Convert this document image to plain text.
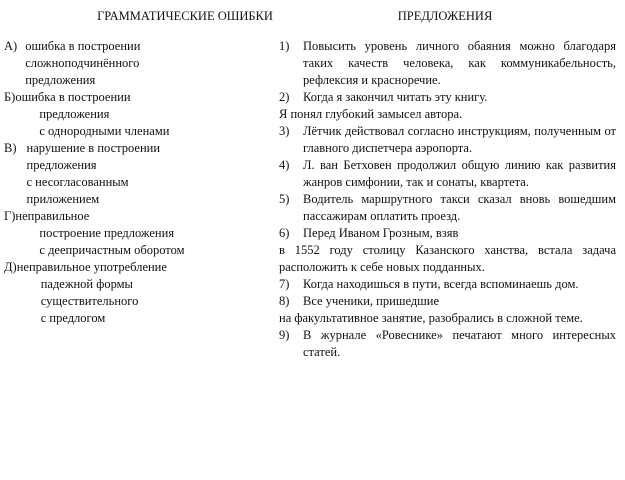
ГРАММАТИЧЕСКИЕ ОШИБКИ	ПРЕДЛОЖЕНИЯ
А) ошибка в построении
сложноподчинённого
предложения
Б) ошибка в построении
предложения
с однородными членами
В) нарушение в построении
предложения
с несогласованным
приложением
Г) неправильное
построение предложения
с деепричастным оборотом
Д) неправильное употребление
падежной формы
существительного
с предлогом
1)	Повысить уровень личного обаяния можно благодаря таких качеств человека, как коммуникабельность, рефлексия и красноречие.
2)	Когда я закончил читать эту книгу.
Я понял глубокий замысел автора.
3)	Лётчик действовал согласно инструкциям, полученным от главного диспетчера аэропорта.
4)	Л. ван Бетховен продолжил общую линию как развития жанров симфонии, так и сонаты, квартета.
5)	Водитель маршрутного такси сказал вновь вошедшим пассажирам оплатить проезд.
6)	Перед Иваном Грозным, взяв
в 1552 году столицу Казанского ханства, встала задача расположить к себе новых подданных.
7)	Когда находишься в пути, всегда вспоминаешь дом.
8)	Все ученики, пришедшие
на факультативное занятие, разобрались в сложной теме.
9)	В журнале «Ровеснике» печатают много интересных статей.
